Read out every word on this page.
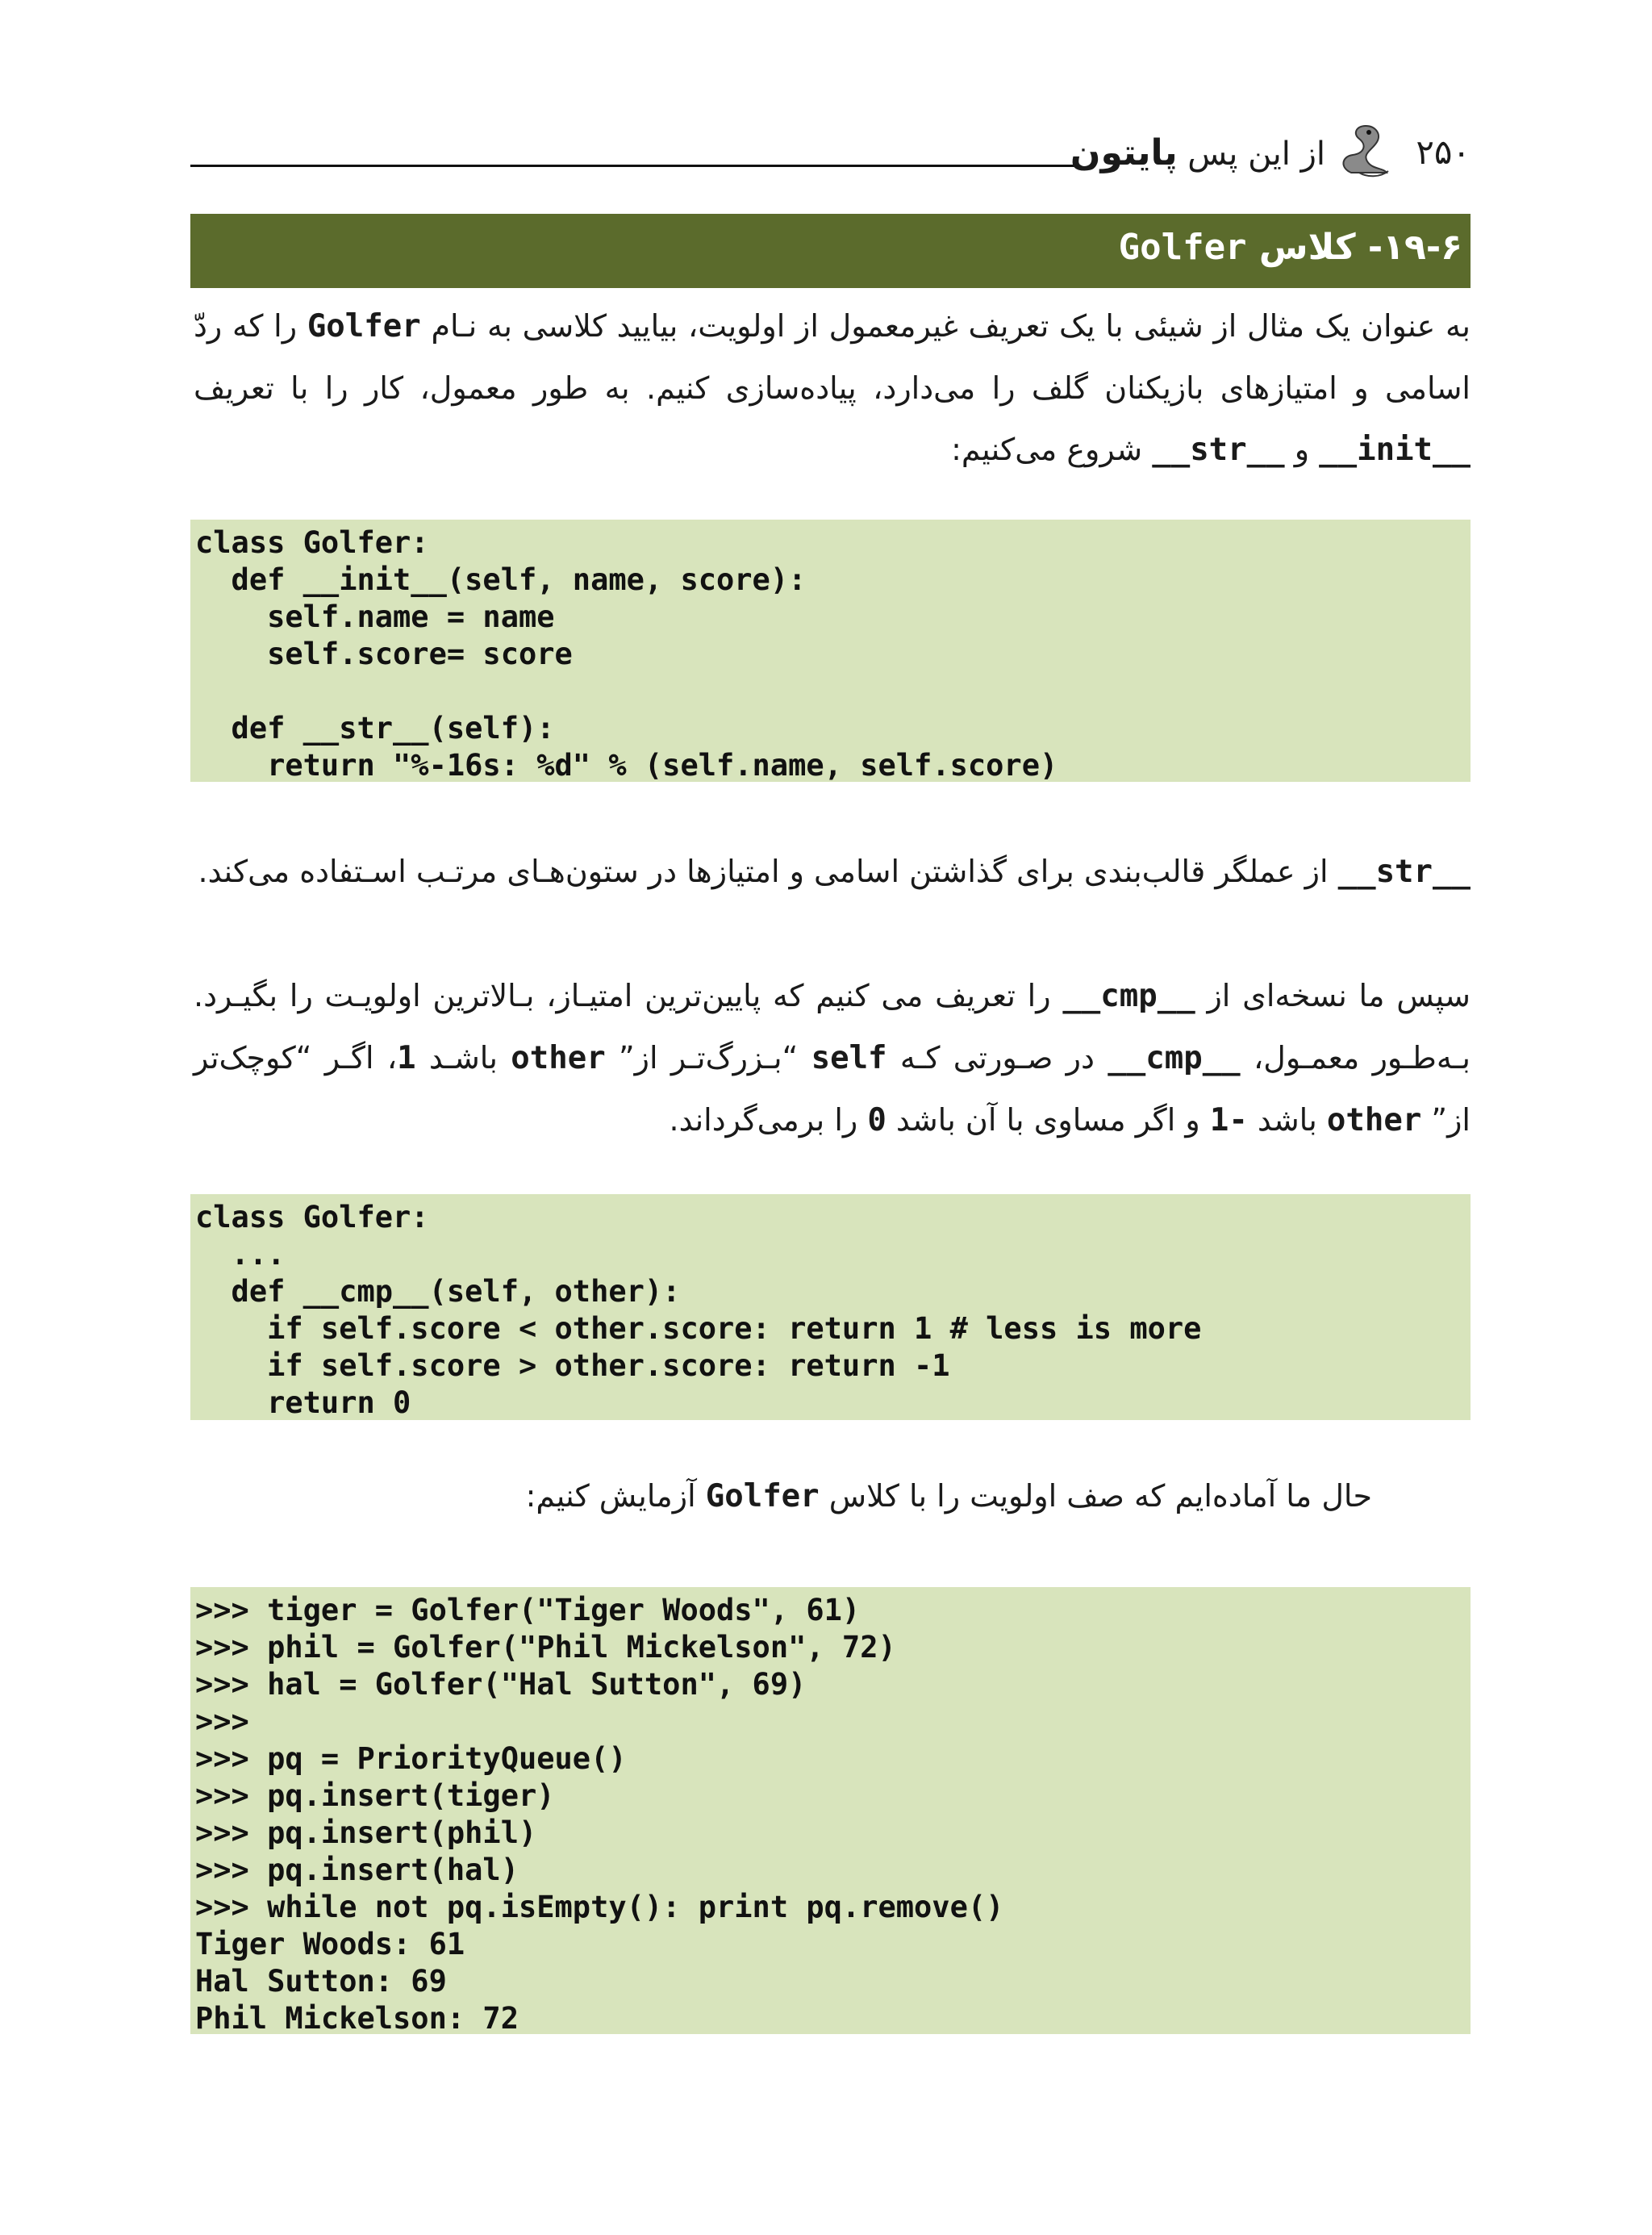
از این پس پایتون	۲۵۰
۱۹-۶- کلاس Golfer
به عنوان یک مثال از شیئی با یک تعریف غیرمعمول از اولویت، بیایید کلاسی به نـام Golfer را که ردّ اسامی و امتیازهای بازیکنان گلف را می‌دارد، پیاده‌سازی کنیم. به طور معمول، کار را با تعریف __init__ و __str__ شروع می‌کنیم:
class Golfer:
def __init__(self, name, score):
self.name = name
self.score= score
def __str__(self):
return "%-16s: %d" % (self.name, self.score)
__str__ از عملگر قالب‌بندی برای گذاشتن اسامی و امتیازها در ستون‌هـای مرتـب اسـتفاده می‌کند.
سپس ما نسخه‌ای از __cmp__ را تعریف می کنیم که پایین‌ترین امتیـاز، بـالاترین اولویـت را بگیـرد. بـه‌طـور معمـول، __cmp__ در صـورتی کـه self “بـزرگ‌تـر از” other باشـد 1، اگـر “کوچک‌تر از” other باشد -1 و اگر مساوی با آن باشد 0 را برمی‌گرداند.
class Golfer:
...
def __cmp__(self, other):
if self.score < other.score: return 1 # less is more
if self.score > other.score: return -1
return 0
حال ما آماده‌ایم که صف اولویت را با کلاس Golfer آزمایش کنیم:
>>> tiger = Golfer("Tiger Woods", 61)
>>> phil = Golfer("Phil Mickelson", 72)
>>> hal = Golfer("Hal Sutton", 69)
>>>
>>> pq = PriorityQueue()
>>> pq.insert(tiger)
>>> pq.insert(phil)
>>> pq.insert(hal)
>>> while not pq.isEmpty(): print pq.remove()
Tiger Woods: 61
Hal Sutton: 69
Phil Mickelson: 72
